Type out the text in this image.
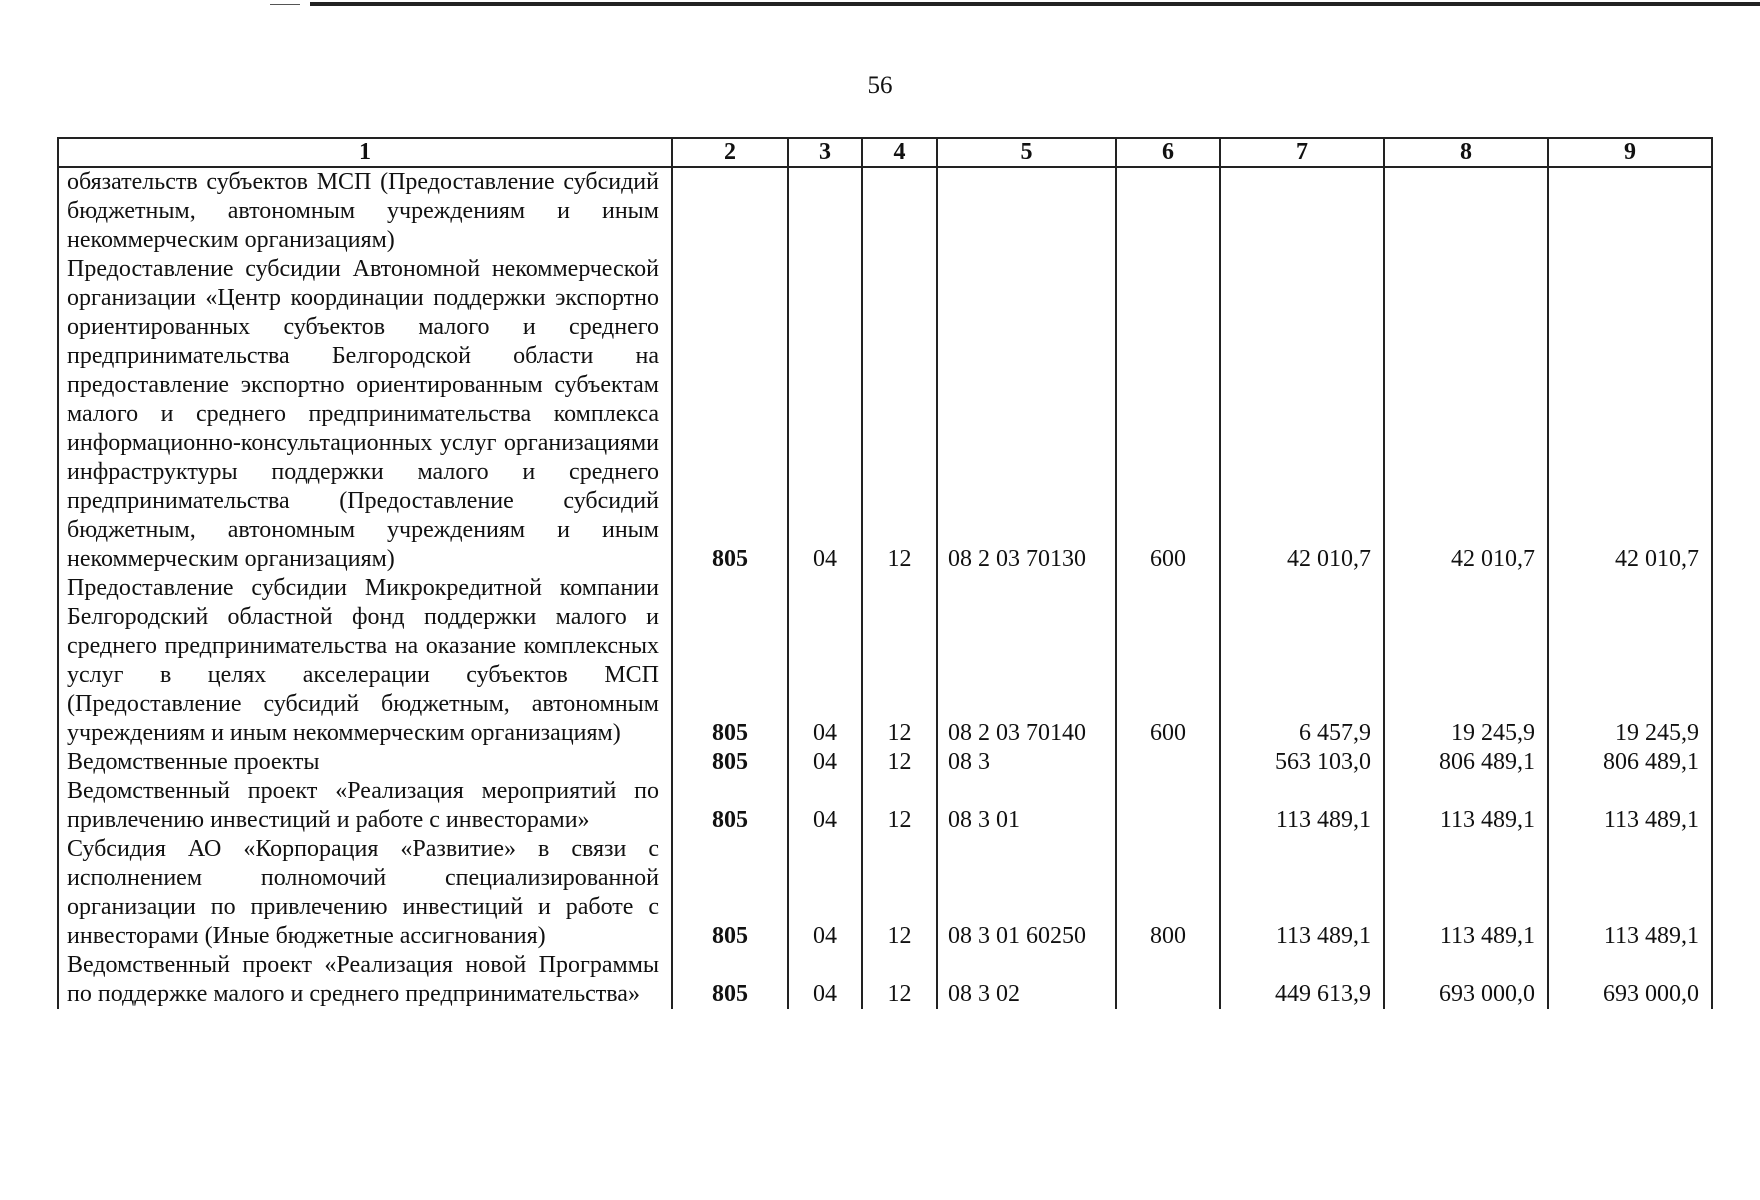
56
1	2	3	4	5	6	7	8	9
обязательств субъектов МСП (Предоставление субсидий бюджетным, автономным учреждениям и иным некоммерческим организациям)								
Предоставление субсидии Автономной некоммерческой организации «Центр координации поддержки экспортно ориентированных субъектов малого и среднего предпринимательства Белгородской области на предоставление экспортно ориентированным субъектам малого и среднего предпринимательства комплекса информационно-консультационных услуг организациями инфраструктуры поддержки малого и среднего предпринимательства (Предоставление субсидий бюджетным, автономным учреждениям и иным некоммерческим организациям)	805	04	12	08 2 03 70130	600	42 010,7	42 010,7	42 010,7
Предоставление субсидии Микрокредитной компании Белгородский областной фонд поддержки малого и среднего предпринимательства на оказание комплексных услуг в целях акселерации субъектов МСП (Предоставление субсидий бюджетным, автономным учреждениям и иным некоммерческим организациям)	805	04	12	08 2 03 70140	600	6 457,9	19 245,9	19 245,9
Ведомственные проекты	805	04	12	08 3		563 103,0	806 489,1	806 489,1
Ведомственный проект «Реализация мероприятий по привлечению инвестиций и работе с инвесторами»	805	04	12	08 3 01		113 489,1	113 489,1	113 489,1
Субсидия АО «Корпорация «Развитие» в связи с исполнением полномочий специализированной организации по привлечению инвестиций и работе с инвесторами (Иные бюджетные ассигнования)	805	04	12	08 3 01 60250	800	113 489,1	113 489,1	113 489,1
Ведомственный проект «Реализация новой Программы по поддержке малого и среднего предпринимательства»	805	04	12	08 3 02		449 613,9	693 000,0	693 000,0
